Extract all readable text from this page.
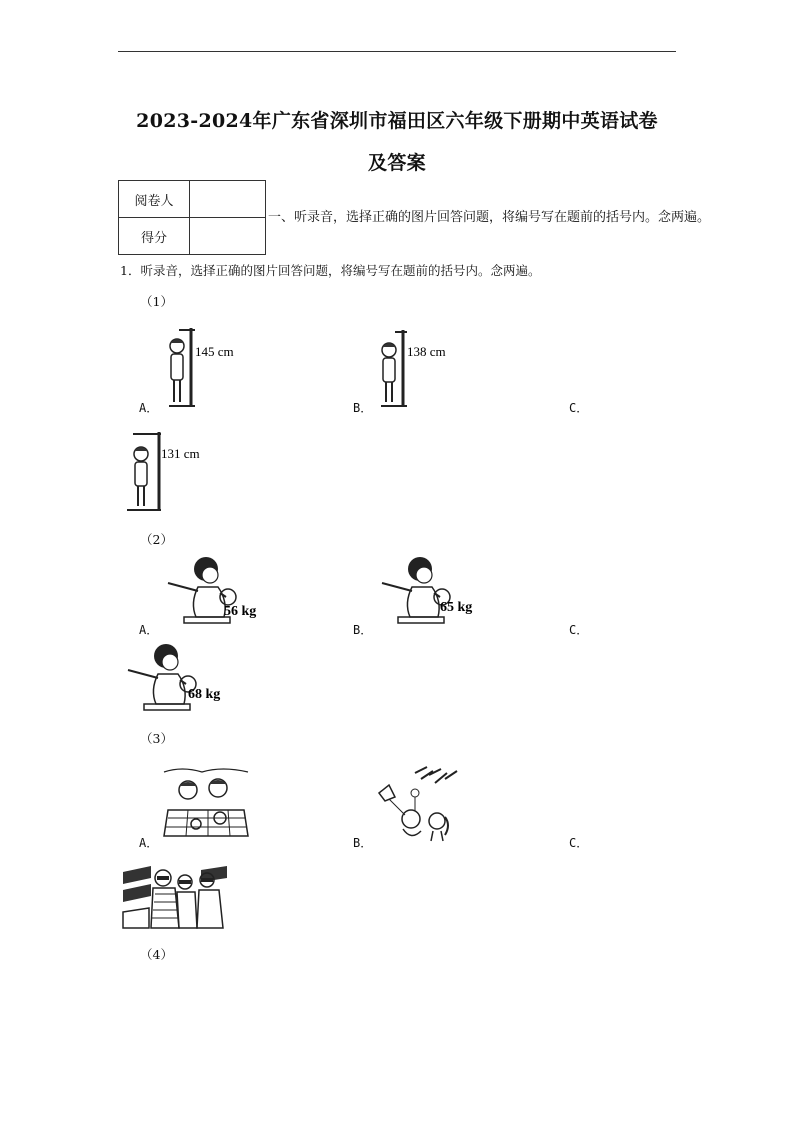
2023-2024年广东省深圳市福田区六年级下册期中英语试卷
及答案
阅卷人	
得分	
一、听录音，选择正确的图片回答问题，将编号写在题前的括号内。念两遍。
1．听录音，选择正确的图片回答问题，将编号写在题前的括号内。念两遍。
（1）
A．
145 cm
B．
138 cm
C．
131 cm
（2）
A．
56 kg
B．
65 kg
C．
68 kg
（3）
A．	B．	C．
（4）
